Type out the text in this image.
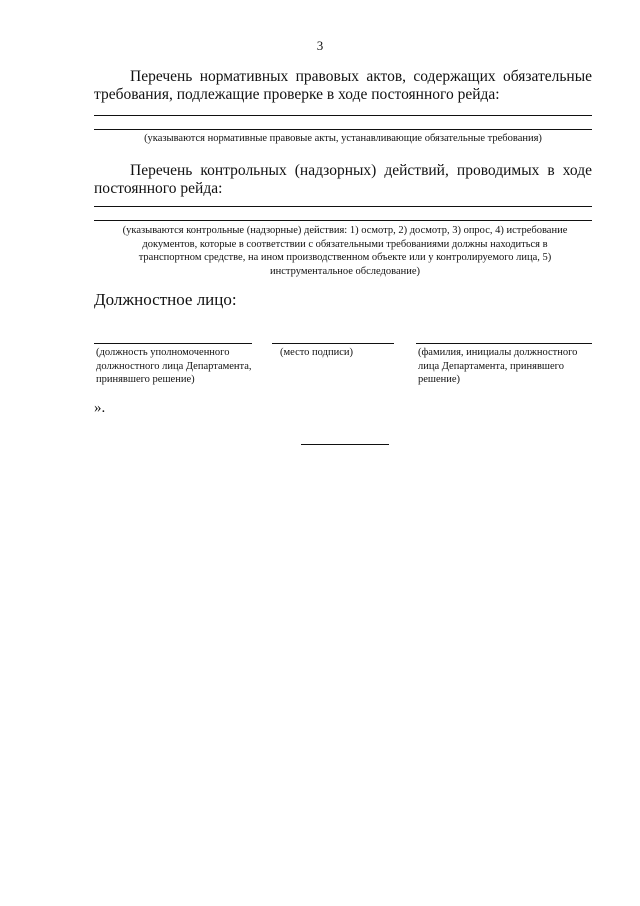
3
Перечень нормативных правовых актов, содержащих обязательные требования, подлежащие проверке в ходе постоянного рейда:
(указываются нормативные правовые акты, устанавливающие обязательные требования)
Перечень контрольных (надзорных) действий, проводимых в ходе постоянного рейда:
(указываются контрольные (надзорные) действия: 1) осмотр, 2) досмотр, 3) опрос, 4) истребование документов, которые в соответствии с обязательными требованиями должны находиться в транспортном средстве, на ином производственном объекте или у контролируемого лица, 5) инструментальное обследование)
Должностное лицо:
(должность уполномоченного должностного лица Департамента, принявшего решение)
(место подписи)	(фамилия, инициалы должностного лица Департамента, принявшего решение)
».
